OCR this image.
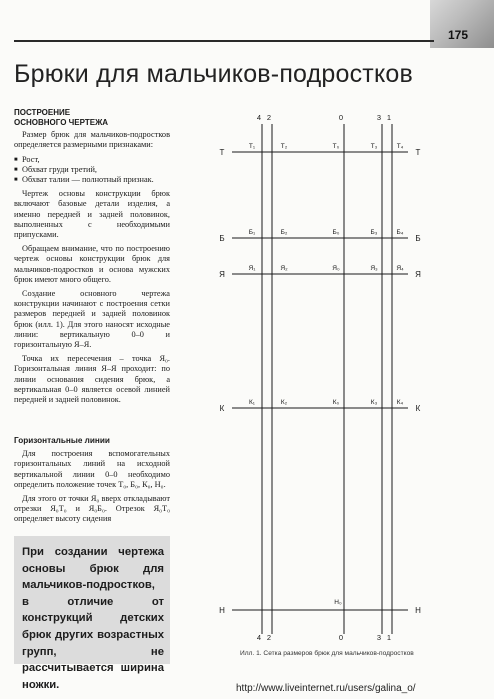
175
Брюки для мальчиков-подростков

ПОСТРОЕНИЕ

ОСНОВНОГО ЧЕРТЕЖА

Размер брюк для мальчиков-подростков определяется размерными признаками:

■ Рост,
■ Обхват груди третий,
■ Обхват талии — полнотный признак.

Чертеж основы конструкции брюк включают базовые детали изделия, а именно передней и задней половинок, выполненных с необходимыми припусками.

Обращаем внимание, что по построению чертеж основы конструкции брюк для мальчиков-подростков и основа мужских брюк имеют много общего.

Создание основного чертежа конструкции начинают с построения сетки размеров передней и задней половинок брюк (илл. 1). Для этого наносят исходные линии: вертикальную 0–0 и горизонтальную Я–Я.

Точка их пересечения – точка Я₀. Горизонтальная линия Я–Я проходит: по линии основания сидения брюк, а вертикальная 0–0 является осевой линией передней и задней половинок.

Горизонтальные линии

Для построения вспомогательных горизонтальных линий на исходной вертикальной линии 0–0 необходимо определить положение точек Т₀, Б₀, К₀, Н₀.

Для этого от точки Я₀ вверх откладывают отрезки Я₀Т₀ и Я₀Б₀. Отрезок Я₀Т₀ определяет высоту сидения

При создании чертежа основы брюк для мальчиков-подростков, в отличие от конструкций детских брюк других возрастных групп, не рассчитывается ширина ножки.

4
4
2
2
0
0
3
3
1
1
Т	Т
Т₁	Т₂	Т₀	Т₃	Т₄
Б	Б
Б₁	Б₂	Б₀	Б₃	Б₄
Я	Я
Я₁	Я₂	Я₀	Я₃	Я₄
К	К
К₁	К₂	К₀	К₃	К₄
Н	Н
Н₀
Илл. 1. Сетка размеров брюк для мальчиков-подростков
http://www.liveinternet.ru/users/galina_o/
